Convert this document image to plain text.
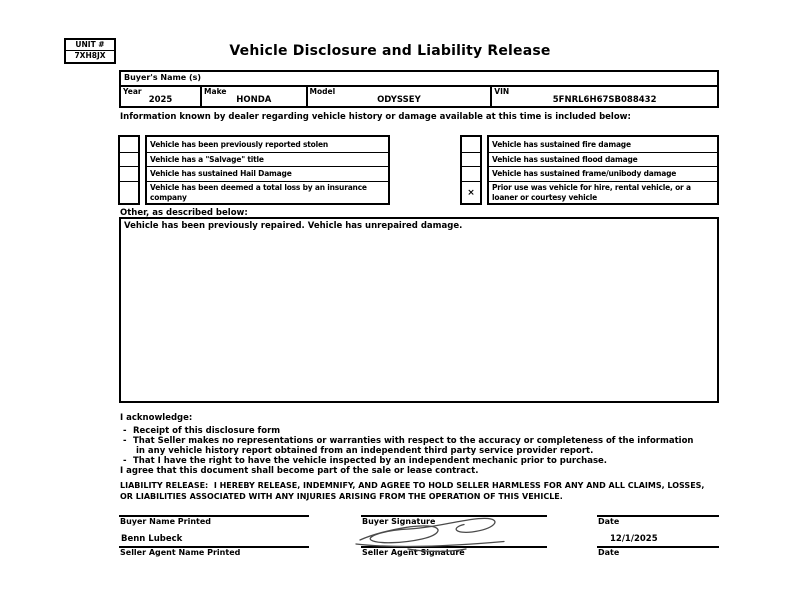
UNIT #
7XH8JX	Vehicle Disclosure and Liability Release
Buyer's Name (s)
Year
2025
Make
HONDA
Model
ODYSSEY
VIN
5FNRL6H67SB088432
Information known by dealer regarding vehicle history or damage available at this time is included below:
Vehicle has been previously reported stolen
Vehicle has a "Salvage" title
Vehicle has sustained Hail Damage
Vehicle has been deemed a total loss by an insurance company	×
Vehicle has sustained fire damage
Vehicle has sustained flood damage
Vehicle has sustained frame/unibody damage
Prior use was vehicle for hire, rental vehicle, or a loaner or courtesy vehicle
Other, as described below:
Vehicle has been previously repaired. Vehicle has unrepaired damage.
I acknowledge:
- Receipt of this disclosure form
- That Seller makes no representations or warranties with respect to the accuracy or completeness of the information
in any vehicle history report obtained from an independent third party service provider report.
- That I have the right to have the vehicle inspected by an independent mechanic prior to purchase.
I agree that this document shall become part of the sale or lease contract.
LIABILITY RELEASE:  I HEREBY RELEASE, INDEMNIFY, AND AGREE TO HOLD SELLER HARMLESS FOR ANY AND ALL CLAIMS, LOSSES, OR LIABILITIES ASSOCIATED WITH ANY INJURIES ARISING FROM THE OPERATION OF THIS VEHICLE.
Buyer Name Printed
Benn Lubeck
Seller Agent Name Printed
Buyer Signature
Seller Agent Signature
Date
12/1/2025
Date
